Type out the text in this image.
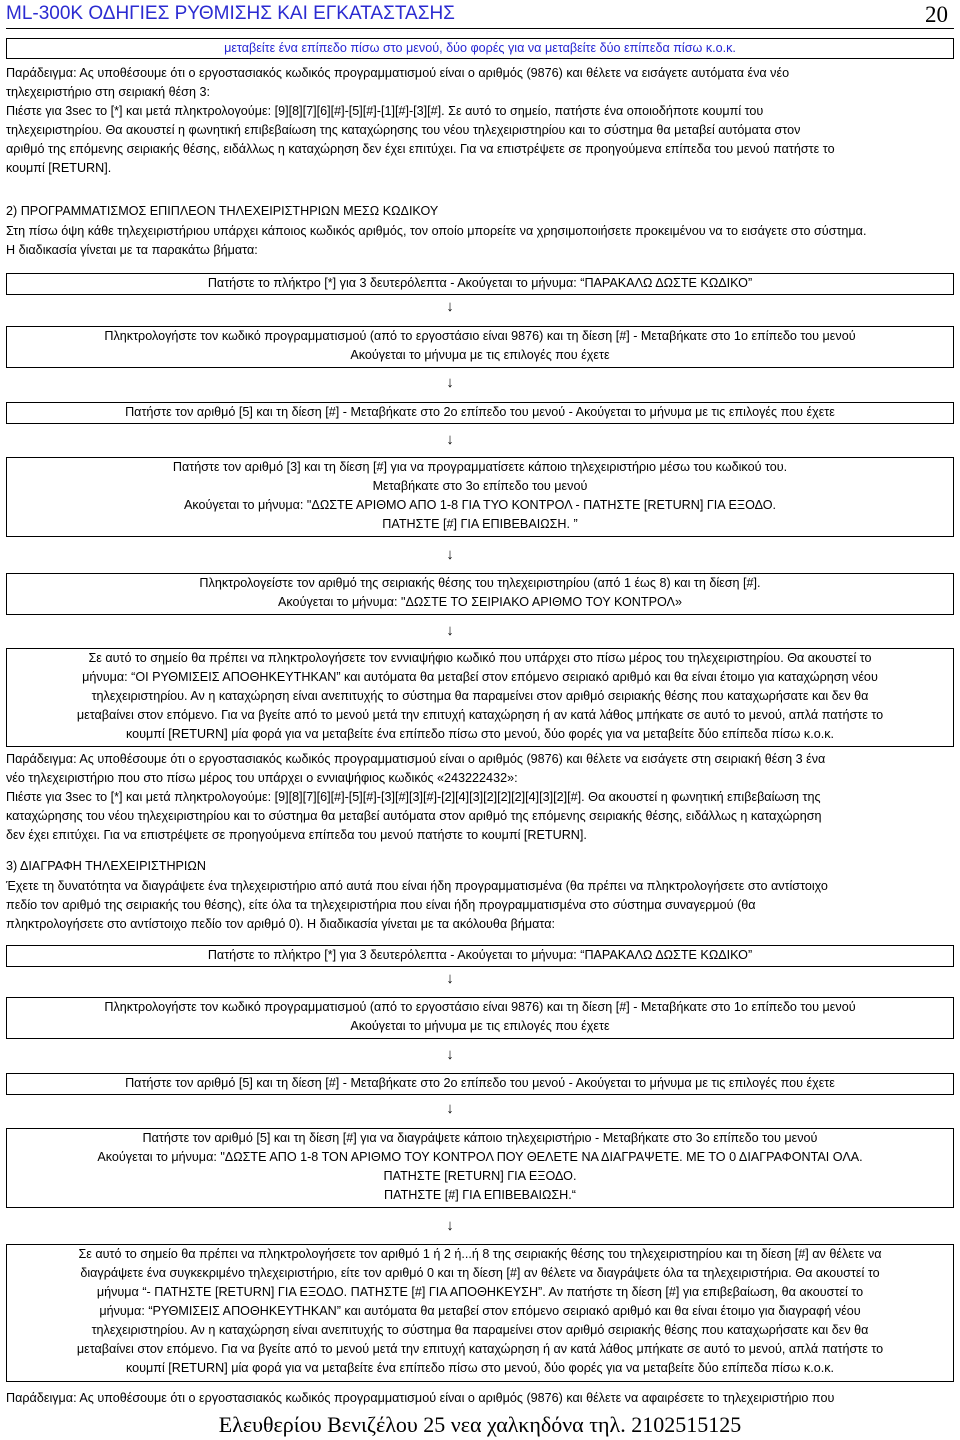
ML-300K ΟΔΗΓΙΕΣ ΡΥΘΜΙΣΗΣ ΚΑΙ ΕΓΚΑΤΑΣΤΑΣΗΣ	20
μεταβείτε ένα επίπεδο πίσω στο μενού, δύο φορές για να μεταβείτε δύο επίπεδα πίσω κ.ο.κ.
Παράδειγμα: Ας υποθέσουμε ότι ο εργοστασιακός κωδικός προγραμματισμού είναι ο αριθμός (9876) και θέλετε να εισάγετε αυτόματα ένα νέο
τηλεχειριστήριο στη σειριακή θέση 3:
Πιέστε για 3sec το [*] και μετά πληκτρολογούμε: [9][8][7][6][#]-[5][#]-[1][#]-[3][#]. Σε αυτό το σημείο, πατήστε ένα οποιοδήποτε κουμπί του
τηλεχειριστηρίου. Θα ακουστεί η φωνητική επιβεβαίωση της καταχώρησης του νέου τηλεχειριστηρίου και το σύστημα θα μεταβεί αυτόματα στον
αριθμό της επόμενης σειριακής θέσης, ειδάλλως η καταχώρηση δεν έχει επιτύχει. Για να επιστρέψετε σε προηγούμενα επίπεδα του μενού πατήστε το
κουμπί [RETURN].
2) ΠΡΟΓΡΑΜΜΑΤΙΣΜΟΣ ΕΠΙΠΛΕΟΝ ΤΗΛΕΧΕΙΡΙΣΤΗΡΙΩΝ ΜΕΣΩ ΚΩΔΙΚΟΥ
Στη πίσω όψη κάθε τηλεχειριστήριου υπάρχει κάποιος κωδικός αριθμός, τον οποίο μπορείτε να χρησιμοποιήσετε προκειμένου να το εισάγετε στο σύστημα.
Η διαδικασία γίνεται με τα παρακάτω βήματα:
Πατήστε το πλήκτρο [*] για 3 δευτερόλεπτα - Ακούγεται το μήνυμα: “ΠΑΡΑΚΑΛΩ ΔΩΣΤΕ ΚΩΔΙΚΟ”
↓
Πληκτρολογήστε τον κωδικό προγραμματισμού (από το εργοστάσιο είναι 9876) και τη δίεση [#] - Μεταβήκατε στο 1ο επίπεδο του μενού
Ακούγεται το μήνυμα με τις επιλογές που έχετε
↓
Πατήστε τον αριθμό [5] και τη δίεση [#] - Μεταβήκατε στο 2ο επίπεδο του μενού - Ακούγεται το μήνυμα με τις επιλογές που έχετε
↓
Πατήστε τον αριθμό [3] και τη δίεση [#] για να προγραμματίσετε κάποιο τηλεχειριστήριο μέσω του κωδικού του.
Μεταβήκατε στο 3ο επίπεδο του μενού
Ακούγεται το μήνυμα: "ΔΩΣΤΕ ΑΡΙΘΜΟ ΑΠΟ 1-8 ΓΙΑ ΤΥΟ ΚΟΝΤΡΟΛ - ΠΑΤΗΣΤΕ [RETURN] ΓΙΑ ΕΞΟΔΟ.
ΠΑΤΗΣΤΕ [#] ΓΙΑ ΕΠΙΒΕΒΑΙΩΣΗ. ”
↓
Πληκτρολογείστε τον αριθμό της σειριακής θέσης του τηλεχειριστηρίου (από 1 έως 8) και τη δίεση [#].
Ακούγεται το μήνυμα: "ΔΩΣΤΕ ΤΟ ΣΕΙΡΙΑΚΟ ΑΡΙΘΜΟ ΤΟΥ ΚΟΝΤΡΟΛ»
↓
Σε αυτό το σημείο θα πρέπει να πληκτρολογήσετε τον εννιαψήφιο κωδικό που υπάρχει στο πίσω μέρος του τηλεχειριστηρίου. Θα ακουστεί το
μήνυμα: “ΟΙ ΡΥΘΜΙΣΕΙΣ ΑΠΟΘΗΚΕΥΤΗΚΑΝ” και αυτόματα θα μεταβεί στον επόμενο σειριακό αριθμό και θα είναι έτοιμο για καταχώρηση νέου
τηλεχειριστηρίου. Αν η καταχώρηση είναι ανεπιτυχής το σύστημα θα παραμείνει στον αριθμό σειριακής θέσης που καταχωρήσατε και δεν θα
μεταβαίνει στον επόμενο. Για να βγείτε από το μενού μετά την επιτυχή καταχώρηση ή αν κατά λάθος μπήκατε σε αυτό το μενού, απλά πατήστε το
κουμπί [RETURN] μία φορά για να μεταβείτε ένα επίπεδο πίσω στο μενού, δύο φορές για να μεταβείτε δύο επίπεδα πίσω κ.ο.κ.
Παράδειγμα: Ας υποθέσουμε ότι ο εργοστασιακός κωδικός προγραμματισμού είναι ο αριθμός (9876) και θέλετε να εισάγετε στη σειριακή θέση 3 ένα
νέο τηλεχειριστήριο που στο πίσω μέρος του υπάρχει ο εννιαψήφιος κωδικός «243222432»:
Πιέστε για 3sec το [*] και μετά πληκτρολογούμε: [9][8][7][6][#]-[5][#]-[3][#][3][#]-[2][4][3][2][2][2][4][3][2][#]. Θα ακουστεί η φωνητική επιβεβαίωση της
καταχώρησης του νέου τηλεχειριστηρίου και το σύστημα θα μεταβεί αυτόματα στον αριθμό της επόμενης σειριακής θέσης, ειδάλλως η καταχώρηση
δεν έχει επιτύχει. Για να επιστρέψετε σε προηγούμενα επίπεδα του μενού πατήστε το κουμπί [RETURN].
3) ΔΙΑΓΡΑΦΗ ΤΗΛΕΧΕΙΡΙΣΤΗΡΙΩΝ
Έχετε τη δυνατότητα να διαγράψετε ένα τηλεχειριστήριο από αυτά που είναι ήδη προγραμματισμένα (θα πρέπει να πληκτρολογήσετε στο αντίστοιχο
πεδίο τον αριθμό της σειριακής του θέσης), είτε όλα τα τηλεχειριστήρια που είναι ήδη προγραμματισμένα στο σύστημα συναγερμού (θα
πληκτρολογήσετε στο αντίστοιχο πεδίο τον αριθμό 0). Η διαδικασία γίνεται με τα ακόλουθα βήματα:
Πατήστε το πλήκτρο [*] για 3 δευτερόλεπτα - Ακούγεται το μήνυμα: “ΠΑΡΑΚΑΛΩ ΔΩΣΤΕ ΚΩΔΙΚΟ”
↓
Πληκτρολογήστε τον κωδικό προγραμματισμού (από το εργοστάσιο είναι 9876) και τη δίεση [#] - Μεταβήκατε στο 1ο επίπεδο του μενού
Ακούγεται το μήνυμα με τις επιλογές που έχετε
↓
Πατήστε τον αριθμό [5] και τη δίεση [#] - Μεταβήκατε στο 2ο επίπεδο του μενού - Ακούγεται το μήνυμα με τις επιλογές που έχετε
↓
Πατήστε τον αριθμό [5] και τη δίεση [#] για να διαγράψετε κάποιο τηλεχειριστήριο - Μεταβήκατε στο 3ο επίπεδο του μενού
Ακούγεται το μήνυμα: "ΔΩΣΤΕ ΑΠΟ 1-8 ΤΟΝ ΑΡΙΘΜΟ ΤΟΥ ΚΟΝΤΡΟΛ ΠΟΥ ΘΕΛΕΤΕ ΝΑ ΔΙΑΓΡΑΨΕΤΕ. ΜΕ ΤΟ 0 ΔΙΑΓΡΑΦΟΝΤΑΙ ΟΛΑ.
ΠΑΤΗΣΤΕ [RETURN] ΓΙΑ ΕΞΟΔΟ.
ΠΑΤΗΣΤΕ [#] ΓΙΑ ΕΠΙΒΕΒΑΙΩΣΗ.“
↓
Σε αυτό το σημείο θα πρέπει να πληκτρολογήσετε τον αριθμό 1 ή 2 ή...ή 8 της σειριακής θέσης του τηλεχειριστηρίου και τη δίεση [#] αν θέλετε να
διαγράψετε ένα συγκεκριμένο τηλεχειριστήριο, είτε τον αριθμό 0 και τη δίεση [#] αν θέλετε να διαγράψετε όλα τα τηλεχειριστήρια. Θα ακουστεί το
μήνυμα “- ΠΑΤΗΣΤΕ [RETURN] ΓΙΑ ΕΞΟΔΟ. ΠΑΤΗΣΤΕ [#] ΓΙΑ ΑΠΟΘΗΚΕΥΣΗ”. Αν πατήστε τη δίεση [#] για επιβεβαίωση, θα ακουστεί το
μήνυμα: “ΡΥΘΜΙΣΕΙΣ ΑΠΟΘΗΚΕΥΤΗΚΑΝ” και αυτόματα θα μεταβεί στον επόμενο σειριακό αριθμό και θα είναι έτοιμο για διαγραφή νέου
τηλεχειριστηρίου. Αν η καταχώρηση είναι ανεπιτυχής το σύστημα θα παραμείνει στον αριθμό σειριακής θέσης που καταχωρήσατε και δεν θα
μεταβαίνει στον επόμενο. Για να βγείτε από το μενού μετά την επιτυχή καταχώρηση ή αν κατά λάθος μπήκατε σε αυτό το μενού, απλά πατήστε το
κουμπί [RETURN] μία φορά για να μεταβείτε ένα επίπεδο πίσω στο μενού, δύο φορές για να μεταβείτε δύο επίπεδα πίσω κ.ο.κ.
Παράδειγμα: Ας υποθέσουμε ότι ο εργοστασιακός κωδικός προγραμματισμού είναι ο αριθμός (9876) και θέλετε να αφαιρέσετε το τηλεχειριστήριο που
Ελευθερίου Βενιζέλου 25 νεα χαλκηδόνα τηλ. 2102515125
